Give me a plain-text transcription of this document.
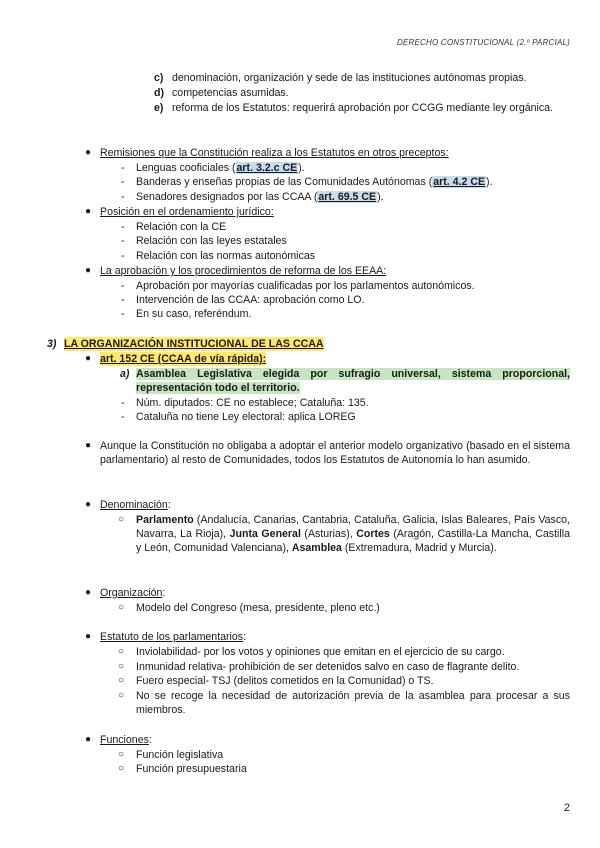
DERECHO CONSTITUCIONAL (2.º PARCIAL)
c) denominación, organización y sede de las instituciones autónomas propias.
d) competencias asumidas.
e) reforma de los Estatutos: requerirá aprobación por CCGG mediante ley orgánica.
● Remisiones que la Constitución realiza a los Estatutos en otros preceptos:
- Lenguas cooficiales (art. 3.2.c CE).
- Banderas y enseñas propias de las Comunidades Autónomas (art. 4.2 CE).
- Senadores designados por las CCAA (art. 69.5 CE).
● Posición en el ordenamiento jurídico:
- Relación con la CE
- Relación con las leyes estatales
- Relación con las normas autonómicas
● La aprobación y los procedimientos de reforma de los EEAA:
- Aprobación por mayorías cualificadas por los parlamentos autonómicos.
- Intervención de las CCAA: aprobación como LO.
- En su caso, referéndum.
3) LA ORGANIZACIÓN INSTITUCIONAL DE LAS CCAA
● art. 152 CE (CCAA de vía rápida):
a) Asamblea Legislativa elegida por sufragio universal, sistema proporcional, representación todo el territorio.
- Núm. diputados: CE no establece; Cataluña: 135.
- Cataluña no tiene Ley electoral: aplica LOREG
● Aunque la Constitución no obligaba a adoptar el anterior modelo organizativo (basado en el sistema parlamentario) al resto de Comunidades, todos los Estatutos de Autonomía lo han asumido.
● Denominación:
○ Parlamento (Andalucía, Canarias, Cantabria, Cataluña, Galicia, Islas Baleares, País Vasco, Navarra, La Rioja), Junta General (Asturias), Cortes (Aragón, Castilla-La Mancha, Castilla y León, Comunidad Valenciana), Asamblea (Extremadura, Madrid y Murcia).
● Organización:
○ Modelo del Congreso (mesa, presidente, pleno etc.)
● Estatuto de los parlamentarios:
○ Inviolabilidad- por los votos y opiniones que emitan en el ejercicio de su cargo.
○ Inmunidad relativa- prohibición de ser detenidos salvo en caso de flagrante delito.
○ Fuero especial- TSJ (delitos cometidos en la Comunidad) o TS.
○ No se recoge la necesidad de autorización previa de la asamblea para procesar a sus miembros.
● Funciones:
○ Función legislativa
○ Función presupuestaria
2
